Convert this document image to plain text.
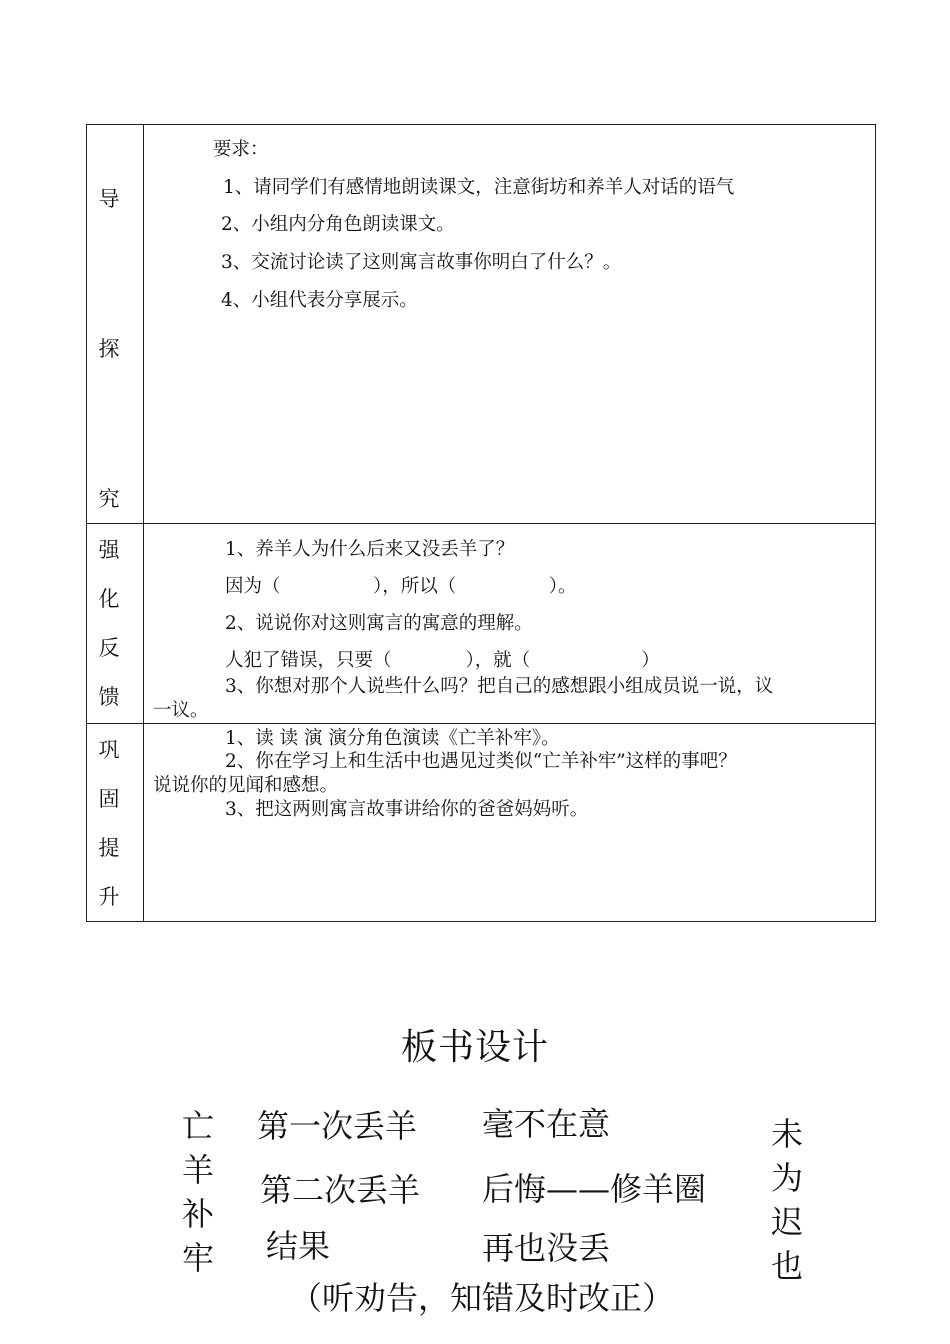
导
探
究
要求：
1、请同学们有感情地朗读课文，注意街坊和养羊人对话的语气
2、小组内分角色朗读课文。
3、交流讨论读了这则寓言故事你明白了什么？。
4、小组代表分享展示。
强
化
反
馈
1、养羊人为什么后来又没丢羊了？
因为（　　　　　），所以（　　　　　）。
2、说说你对这则寓言的寓意的理解。
人犯了错误，只要（　　　　），就（　　　　　　）
3、你想对那个人说些什么吗？把自己的感想跟小组成员说一说，议
一议。
巩
固
提
升
1、读 读 演 演分角色演读《亡羊补牢》。
2、你在学习上和生活中也遇见过类似“亡羊补牢”这样的事吧？
说说你的见闻和感想。
3、把这两则寓言故事讲给你的爸爸妈妈听。
板书设计
亡
羊
补
牢
第一次丢羊 毫不在意
第二次丢羊 后悔——修羊圈
结果	再也没丢
未
为
迟
也
（听劝告，知错及时改正）
